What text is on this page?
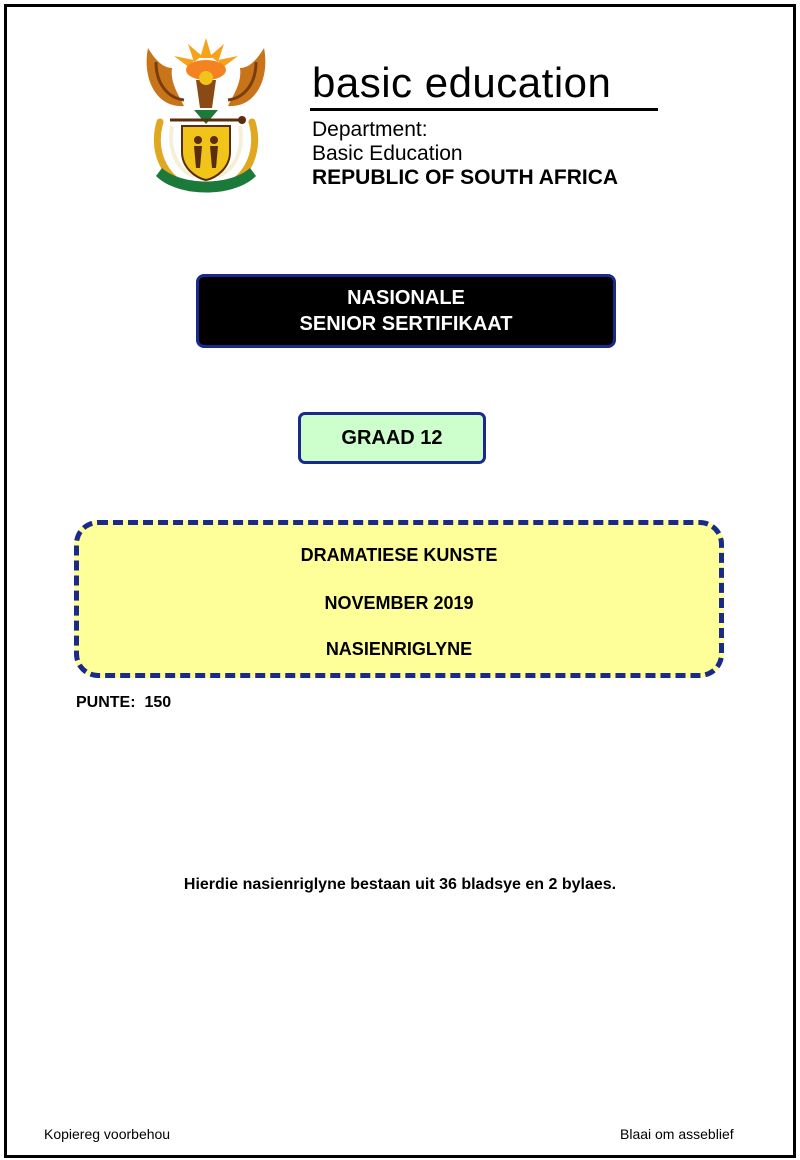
basic education
Department:
Basic Education
REPUBLIC OF SOUTH AFRICA
NASIONALE
SENIOR SERTIFIKAAT
GRAAD 12
DRAMATIESE KUNSTE
NOVEMBER 2019
NASIENRIGLYNE
PUNTE:  150
Hierdie nasienriglyne bestaan uit 36 bladsye en 2 bylaes.
Kopiereg voorbehou	Blaai om asseblief
